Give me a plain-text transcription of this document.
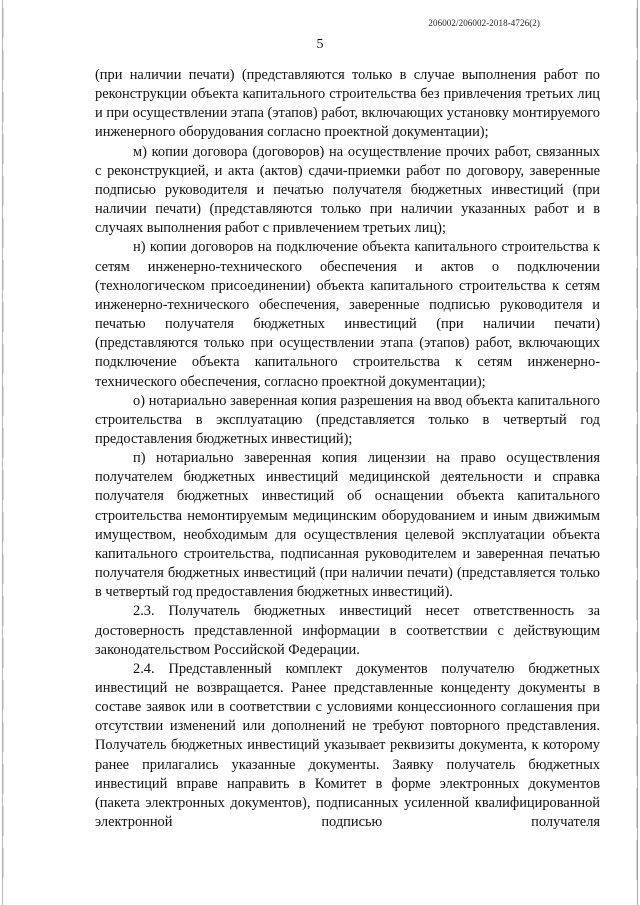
206002/206002-2018-4726(2)
5

(при наличии печати) (представляются только в случае выполнения работ по реконструкции объекта капитального строительства без привлечения третьих лиц и при осуществлении этапа (этапов) работ, включающих установку монтируемого инженерного оборудования согласно проектной документации);

м) копии договора (договоров) на осуществление прочих работ, связанных с реконструкцией, и акта (актов) сдачи-приемки работ по договору, заверенные подписью руководителя и печатью получателя бюджетных инвестиций (при наличии печати) (представляются только при наличии указанных работ и в случаях выполнения работ с привлечением третьих лиц);

н) копии договоров на подключение объекта капитального строительства к сетям инженерно-технического обеспечения и актов о подключении (технологическом присоединении) объекта капитального строительства к сетям инженерно-технического обеспечения, заверенные подписью руководителя и печатью получателя бюджетных инвестиций (при наличии печати) (представляются только при осуществлении этапа (этапов) работ, включающих подключение объекта капитального строительства к сетям инженерно-технического обеспечения, согласно проектной документации);

о) нотариально заверенная копия разрешения на ввод объекта капитального строительства в эксплуатацию (представляется только в четвертый год предоставления бюджетных инвестиций);

п) нотариально заверенная копия лицензии на право осуществления получателем бюджетных инвестиций медицинской деятельности и справка получателя бюджетных инвестиций об оснащении объекта капитального строительства немонтируемым медицинским оборудованием и иным движимым имуществом, необходимым для осуществления целевой эксплуатации объекта капитального строительства, подписанная руководителем и заверенная печатью получателя бюджетных инвестиций (при наличии печати) (представляется только в четвертый год предоставления бюджетных инвестиций).

2.3. Получатель бюджетных инвестиций несет ответственность за достоверность представленной информации в соответствии с действующим законодательством Российской Федерации.

2.4. Представленный комплект документов получателю бюджетных инвестиций не возвращается. Ранее представленные концеденту документы в составе заявок или в соответствии с условиями концессионного соглашения при отсутствии изменений или дополнений не требуют повторного представления. Получатель бюджетных инвестиций указывает реквизиты документа, к которому ранее прилагались указанные документы. Заявку получатель бюджетных инвестиций вправе направить в Комитет в форме электронных документов (пакета электронных документов), подписанных усиленной квалифицированной электронной подписью получателя
